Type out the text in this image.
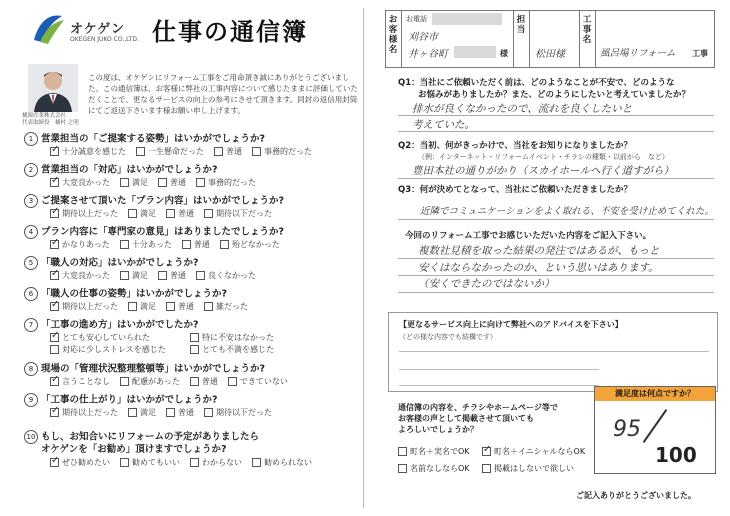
オケゲン
OKEGEN JUKO CO.,LTD. 仕事の通信簿
桶源産業株式会社
代表取締役　桶村 之明
この度は、オケゲンにリフォーム工事をご用命頂き誠にありがとうございました。この通信簿は、お客様に弊社の工事内容について感じたままに評価していただくことで、更なるサービスの向上の参考にさせて頂きます。同封の返信用封筒にてご返送下さいます様お願い申し上げます。
1 営業担当の「ご提案する姿勢」はいかがでしょうか?
✓
十分誠意を感じた	一生懸命だった	普通	事務的だった
2 営業担当の「対応」はいかがでしょうか?
✓
大変良かった	満足	普通	事務的だった
3 ご提案させて頂いた「プラン内容」はいかがでしょうか?
✓
期待以上だった	満足	普通	期待以下だった
4 プラン内容に「専門家の意見」はありましたでしょうか?
✓
かなりあった	十分あった	普通	殆どなかった
5 「職人の対応」はいかがでしょうか?
✓
大変良かった	満足	普通	良くなかった
6 「職人の仕事の姿勢」はいかがでしょうか?
✓
期待以上だった	満足	普通	雑だった
7 「工事の進め方」はいかがでしたか?
✓
とても安心していられた	特に不安はなかった
対応に少しストレスを感じた	とても不満を感じた
8 現場の「管理状況整理整頓等」はいかがでしょうか?
✓
言うことなし	配慮があった	普通	できていない
9 「工事の仕上がり」はいかがでしょうか?
✓
期待以上だった	満足	普通	期待以下だった
10 もし、お知合いにリフォームの予定がありましたら
オケゲンを「お勧め」頂けますでしょうか?
✓
ぜひ勧めたい	勧めてもいい	わからない	勧められない
お客様名
お電話
刈谷市
井ヶ谷町	様
担当
松田様
工事名
風呂場リフォーム 工事
Q1：当社にご依頼いただく前は、どのようなことが不安で、どのような
お悩みがありましたか？また、どのようにしたいと考えていましたか？
排水が良くなかったので、流れを良くしたいと
考えていた。
Q2：当初、何がきっかけで、当社をお知りになりましたか？
（例：インターネット・リフォームイベント・チラシの種類・以前から　など）
豊田本社の通りがかり（スカイホールへ行く道すがら）
Q3：何が決めてとなって、当社にご依頼いただきましたか？
近隣でコミュニケーションをよく取れる、不安を受け止めてくれた。
今回のリフォーム工事でお感じいただいた内容をご記入下さい。
複数社見積を取った結果の発注ではあるが、もっと
安くはならなかったのか、という思いはあります。
（安くできたのではないか）
【更なるサービス向上に向けて弊社へのアドバイスを下さい】
（どの様な内容でも結構です）
通信簿の内容を、チラシやホームページ等で
お客様の声として掲載させて頂いても
よろしいでしょうか？
町名＋実名でOK
✓	町名＋イニシャルならOK
名前なしならOK	掲載はしないで欲しい
満足度は何点ですか？
95
100
ご記入ありがとうございました。
